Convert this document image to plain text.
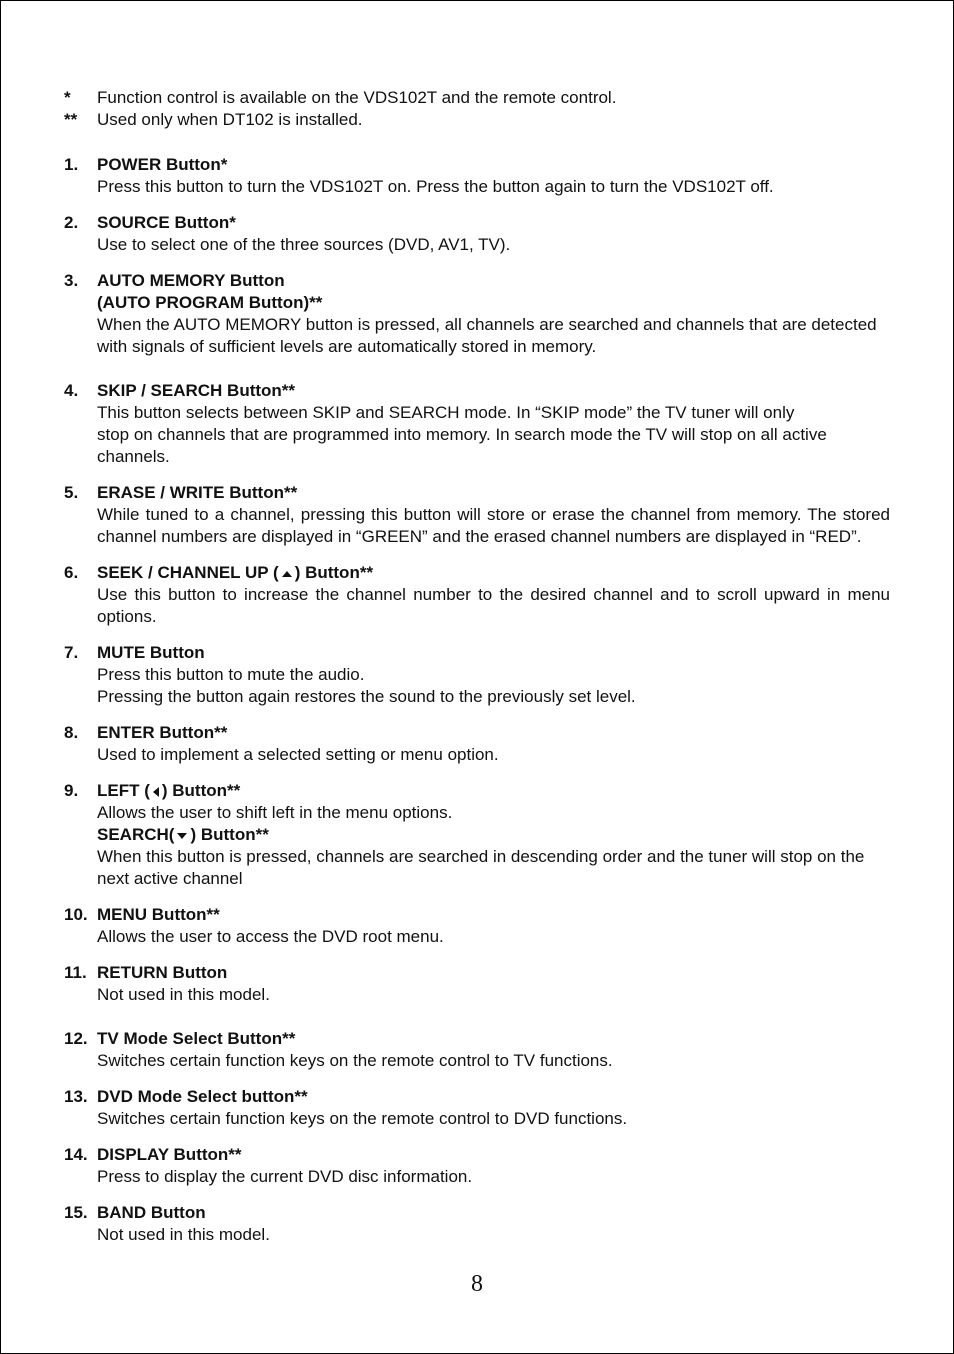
*	Function control is available on the VDS102T and the remote control.
**	Used only when DT102 is installed.
1.	POWER Button*
Press this button to turn the VDS102T on. Press the button again to turn the VDS102T off.
2.	SOURCE Button*
Use to select one of the three sources (DVD, AV1, TV).
3.	AUTO MEMORY Button
(AUTO PROGRAM Button)**
When the AUTO MEMORY button is pressed, all channels are searched and channels that are detected with signals of sufficient levels are automatically stored in memory.
4.	SKIP / SEARCH Button**
This button selects between SKIP and SEARCH mode. In “SKIP mode” the TV tuner will only
stop on channels that are programmed into memory. In search mode the TV will stop on all active channels.
5.	ERASE / WRITE Button**
While tuned to a channel, pressing this button will store or erase the channel from memory. The stored channel numbers are displayed in “GREEN” and the erased channel numbers are displayed in “RED”.
6.	SEEK / CHANNEL UP ( ) Button**
Use this button to increase the channel number to the desired channel and to scroll upward in menu options.
7.	MUTE Button
Press this button to mute the audio.
Pressing the button again restores the sound to the previously set level.
8.	ENTER Button**
Used to implement a selected setting or menu option.
9.	LEFT ( ) Button**
Allows the user to shift left in the menu options.
SEARCH( ) Button**
When this button is pressed, channels are searched in descending order and the tuner will stop on the next active channel
10. MENU Button**
Allows the user to access the DVD root menu.
11. RETURN Button
Not used in this model.
12. TV Mode Select Button**
Switches certain function keys on the remote control to TV functions.
13. DVD Mode Select button**
Switches certain function keys on the remote control to DVD functions.
14. DISPLAY Button**
Press to display the current DVD disc information.
15. BAND Button
Not used in this model.
8
